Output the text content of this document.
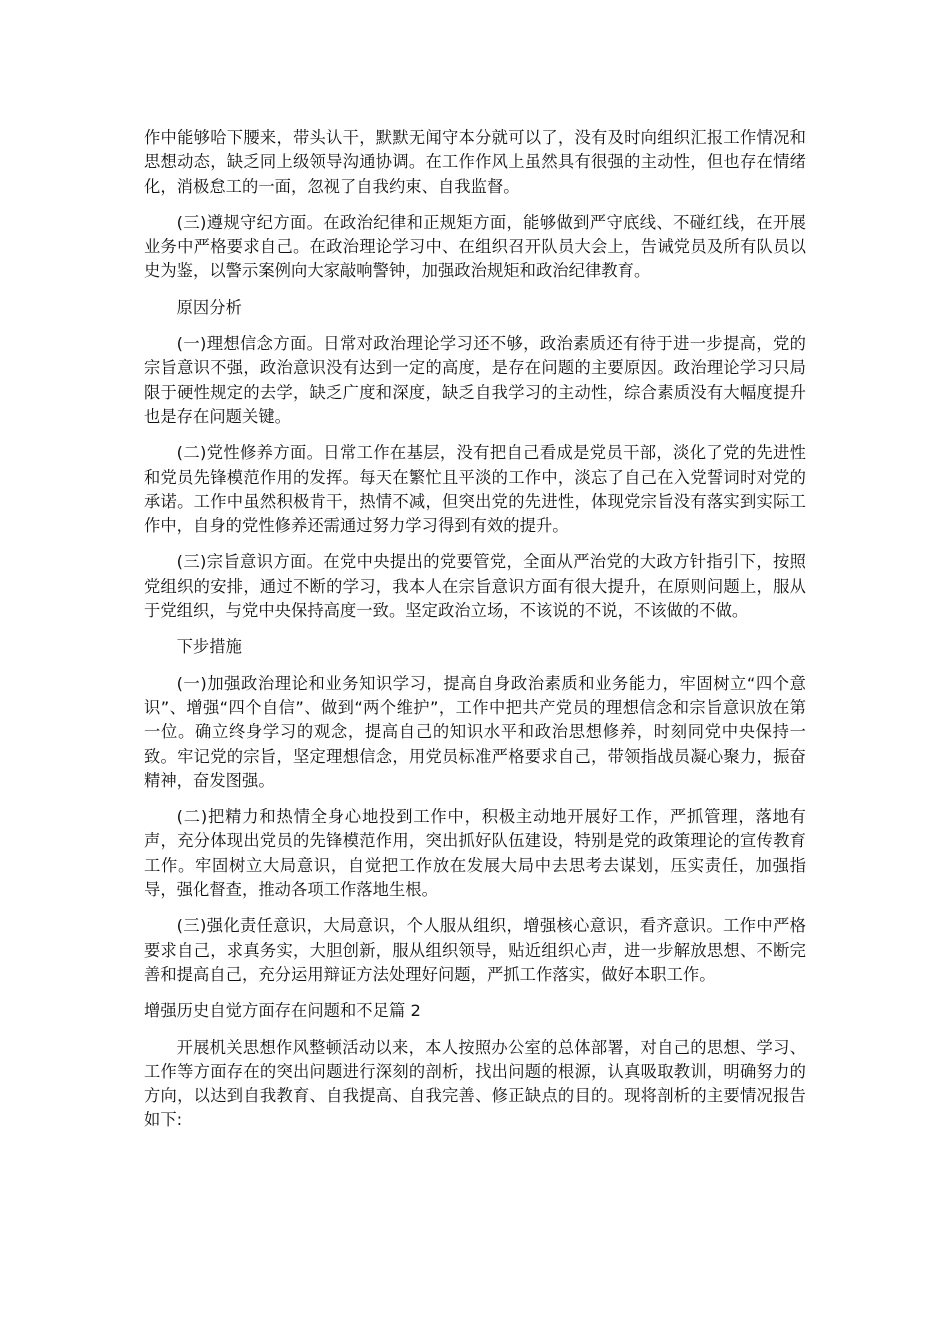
作中能够哈下腰来，带头认干，默默无闻守本分就可以了，没有及时向组织汇报工作情况和思想动态，缺乏同上级领导沟通协调。在工作作风上虽然具有很强的主动性，但也存在情绪化，消极怠工的一面，忽视了自我约束、自我监督。

(三)遵规守纪方面。在政治纪律和正规矩方面，能够做到严守底线、不碰红线，在开展业务中严格要求自己。在政治理论学习中、在组织召开队员大会上，告诫党员及所有队员以史为鉴，以警示案例向大家敲响警钟，加强政治规矩和政治纪律教育。

原因分析

(一)理想信念方面。日常对政治理论学习还不够，政治素质还有待于进一步提高，党的宗旨意识不强，政治意识没有达到一定的高度，是存在问题的主要原因。政治理论学习只局限于硬性规定的去学，缺乏广度和深度，缺乏自我学习的主动性，综合素质没有大幅度提升也是存在问题关键。

(二)党性修养方面。日常工作在基层，没有把自己看成是党员干部，淡化了党的先进性和党员先锋模范作用的发挥。每天在繁忙且平淡的工作中，淡忘了自己在入党誓词时对党的承诺。工作中虽然积极肯干，热情不减，但突出党的先进性，体现党宗旨没有落实到实际工作中，自身的党性修养还需通过努力学习得到有效的提升。

(三)宗旨意识方面。在党中央提出的党要管党，全面从严治党的大政方针指引下，按照党组织的安排，通过不断的学习，我本人在宗旨意识方面有很大提升，在原则问题上，服从于党组织，与党中央保持高度一致。坚定政治立场，不该说的不说，不该做的不做。

下步措施

(一)加强政治理论和业务知识学习，提高自身政治素质和业务能力，牢固树立“四个意识”、增强“四个自信”、做到“两个维护”，工作中把共产党员的理想信念和宗旨意识放在第一位。确立终身学习的观念，提高自己的知识水平和政治思想修养，时刻同党中央保持一致。牢记党的宗旨，坚定理想信念，用党员标准严格要求自己，带领指战员凝心聚力，振奋精神，奋发图强。

(二)把精力和热情全身心地投到工作中，积极主动地开展好工作，严抓管理，落地有声，充分体现出党员的先锋模范作用，突出抓好队伍建设，特别是党的政策理论的宣传教育工作。牢固树立大局意识，自觉把工作放在发展大局中去思考去谋划，压实责任，加强指导，强化督查，推动各项工作落地生根。

(三)强化责任意识，大局意识，个人服从组织，增强核心意识，看齐意识。工作中严格要求自己，求真务实，大胆创新，服从组织领导，贴近组织心声，进一步解放思想、不断完善和提高自己，充分运用辩证方法处理好问题，严抓工作落实，做好本职工作。

增强历史自觉方面存在问题和不足篇 2

开展机关思想作风整顿活动以来，本人按照办公室的总体部署，对自己的思想、学习、工作等方面存在的突出问题进行深刻的剖析，找出问题的根源，认真吸取教训，明确努力的方向，以达到自我教育、自我提高、自我完善、修正缺点的目的。现将剖析的主要情况报告如下:
